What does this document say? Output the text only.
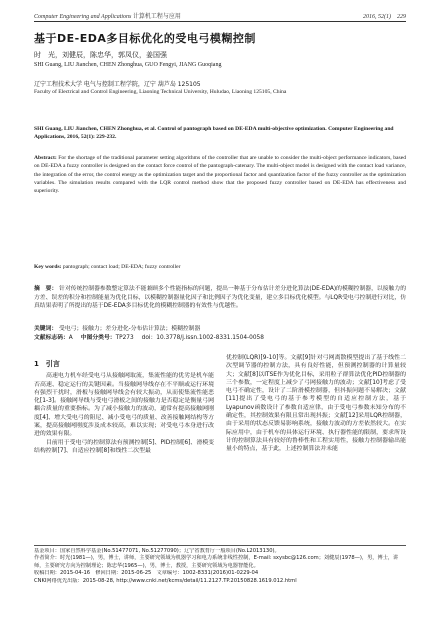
Computer Engineering and Applications 计算机工程与应用	2016, 52(1)  229
基于DE-EDA多目标优化的受电弓模糊控制
时　光，刘健辰，陈忠华，郭凤仪，姜国强
SHI Guang, LIU Jianchen, CHEN Zhonghua, GUO Fengyi, JIANG Guoqiang
辽宁工程技术大学 电气与控制工程学院，辽宁 葫芦岛 125105
Faculty of Electrical and Control Engineering, Liaoning Technical University, Huludao, Liaoning 125105, China
SHI Guang, LIU Jianchen, CHEN Zhonghua, et al. Control of pantograph based on DE-EDA multi-objective optimization. Computer Engineering and Applications, 2016, 52(1): 229-232.
Abstract: For the shortage of the traditional parameter setting algorithms of the controller that are unable to consider the multi-object performance indicators, based on DE-EDA a fuzzy controller is designed on the contact force control of the pantograph-catenary. The multi-object model is designed with the contact load variance, the integration of the error, the control energy as the optimization target and the proportional factor and quantization factor of the fuzzy controller as the optimization variables. The simulation results compared with the LQR control method show that the proposed fuzzy controller based on DE-EDA has effectiveness and superiority.
Key words: pantograph; contact load; DE-EDA; fuzzy controller
摘　要： 针对传统控制器参数整定算法不能兼顾多个性能指标的问题，提出一种基于分布估计差分进化算法(DE-EDA)的模糊控制器，以接触力的方差、误差的积分和控制能量为优化目标，以模糊控制器量化因子和比例因子为优化变量，建立多目标优化模型。与LQR受电弓控制进行对比，仿真结果表明了所提出的基于DE-EDA多目标优化的模糊控制器的有效性与优越性。
关键词： 受电弓；接触力；差分进化-分布估计算法；模糊控制器
文献标志码：A 中图分类号：TP273 doi：10.3778/j.issn.1002-8331.1504-0058
1　引言

高速电力机车经受电弓从接触网取流，集流性能的优劣是机车能否高速、稳定运行的关键因素。当接触网导线存在不平顺或运行环境有强烈干扰时，滑板与接触网导线会有较大振动，从而使集流性能恶化[1-3]。接触网导线与受电弓滑板之间的接触力是否稳定是衡量弓网耦合质量的重要指标。为了减小接触力的波动，通常有提高接触网刚度[4]、增大受电弓的阻尼、减小受电弓的质量、改善接触网结构等方案，提高接触网刚度涉及成本较高，难以实现；对受电弓本身进行改进的效果有限。

目前用于受电弓的控制算法有预测控制[5]、PID控制[6]、滑模变结构控制[7]、自适应控制[8]和线性二次型最

优控制(LQR)[9-10]等。文献[9]针对弓网离散模型提出了基于线性二次型调节器的控制方法，具有良好性能，但预测控制器的计算量较大；文献[8]以ITSE作为优化目标，采用粒子群算法优化PID控制器的三个参数，一定程度上减少了弓网接触力的波动；文献[10]考虑了受电弓不确定性，设计了二阶滑模控制器，但抖振问题不易解决；文献[11]提出了受电弓的基于参考模型的自适应控制方法，基于Lyapunov函数设计了参数自适应律，由于受电弓参数未知分布的不确定性，其控制效果有限且常出现抖振；文献[12]采用LQR控制器，由于采用的状态反馈易影响系统，接触力波动的方差依然较大。在实际应用中，由于机车的具体运行环境、执行器性能的限制，要求所设计的控制算法具有较好的鲁棒性和工程实用性，接触力控制器输出能量小的特点，基于此，上述控制算法并未能

基金项目：国家自然科学基金(No.51477071, No.51277090)；辽宁省教育厅一般项目(No.L2013130)。
作者简介：时光(1981—)，男，博士，讲师，主要研究领域为机器学习和电力系统非线性控制，E-mail: sxysbc@126.com；刘健辰(1978—)，男，博士，讲师，主要研究方向为控制理论；陈忠华(1965—)，男，博士，教授，主要研究领域为电器智能化。
收稿日期：2015-04-16　修回日期：2015-06-25　文章编号：1002-8331(2016)01-0229-04
CNKI网络优先出版：2015-08-28, http://www.cnki.net/kcms/detail/11.2127.TP.20150828.1619.012.html
